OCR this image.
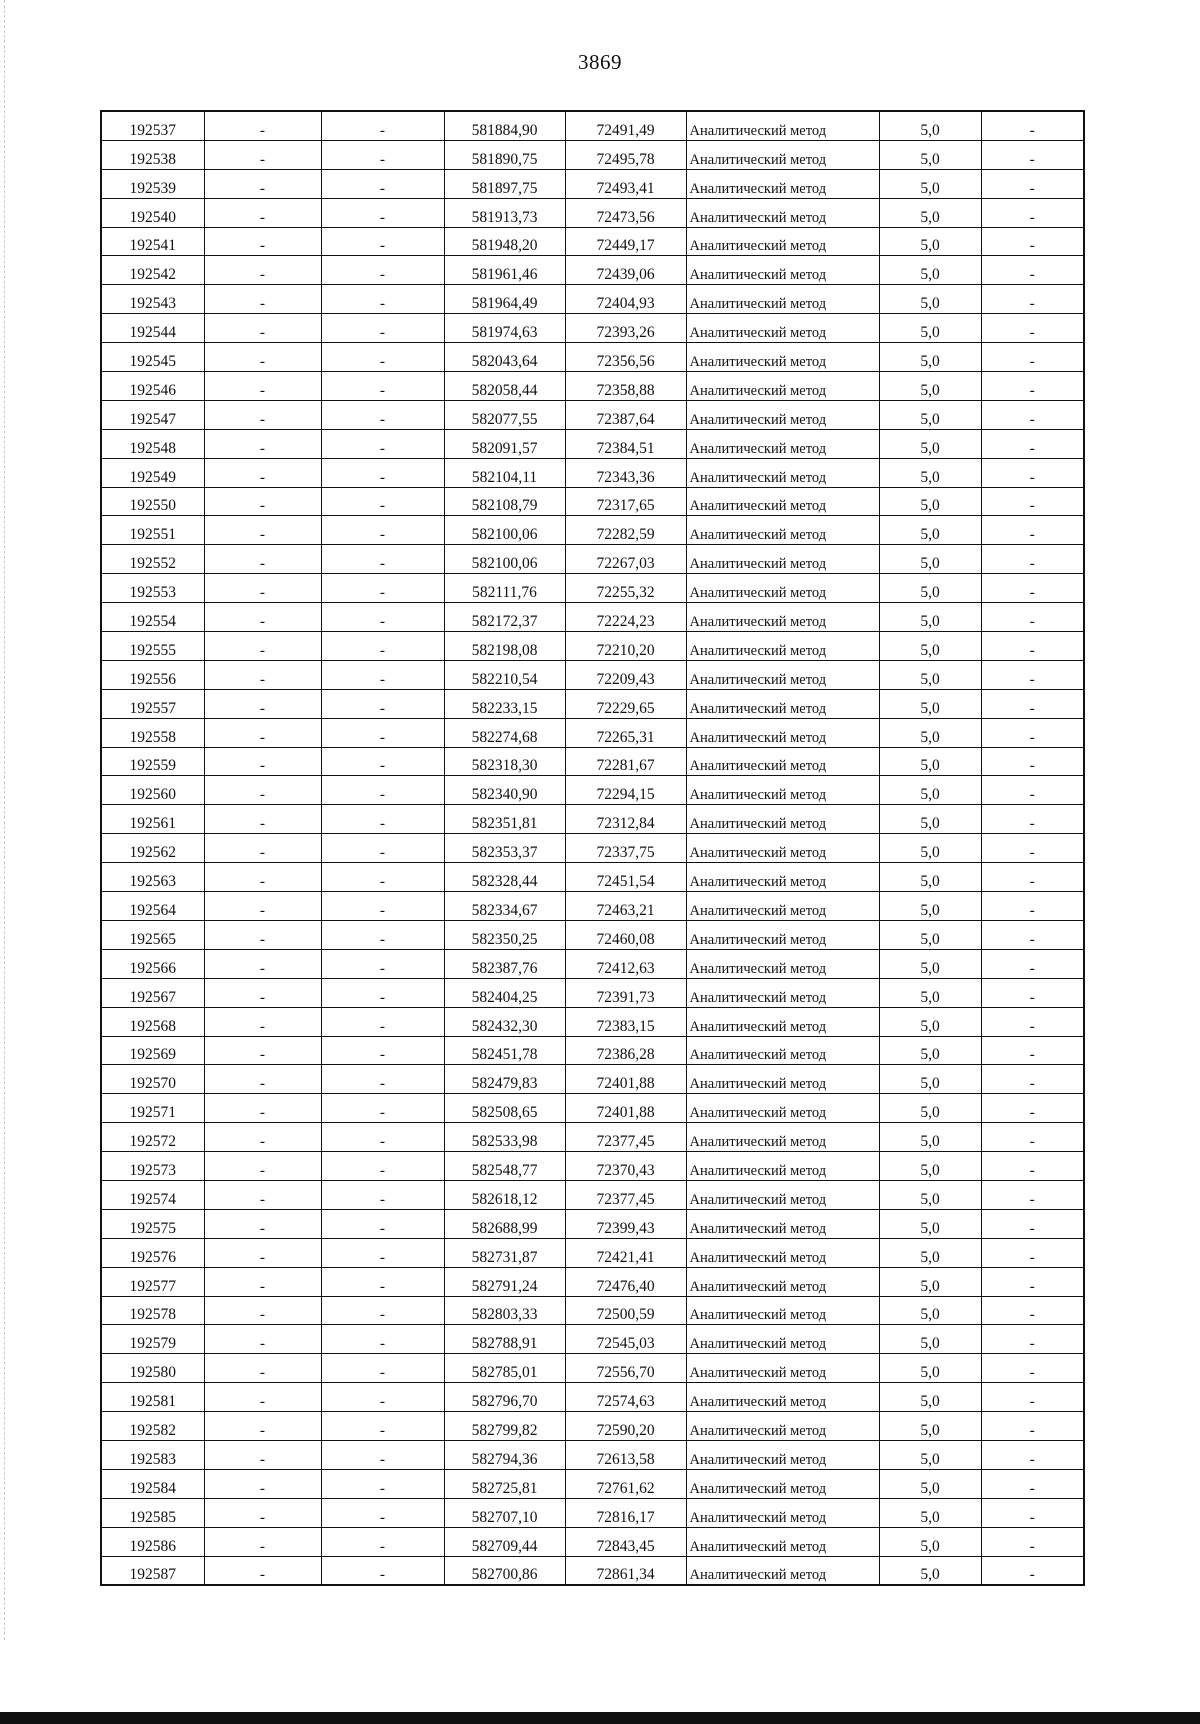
3869
192537	-	-	581884,90	72491,49	Аналитический метод	5,0	-
192538	-	-	581890,75	72495,78	Аналитический метод	5,0	-
192539	-	-	581897,75	72493,41	Аналитический метод	5,0	-
192540	-	-	581913,73	72473,56	Аналитический метод	5,0	-
192541	-	-	581948,20	72449,17	Аналитический метод	5,0	-
192542	-	-	581961,46	72439,06	Аналитический метод	5,0	-
192543	-	-	581964,49	72404,93	Аналитический метод	5,0	-
192544	-	-	581974,63	72393,26	Аналитический метод	5,0	-
192545	-	-	582043,64	72356,56	Аналитический метод	5,0	-
192546	-	-	582058,44	72358,88	Аналитический метод	5,0	-
192547	-	-	582077,55	72387,64	Аналитический метод	5,0	-
192548	-	-	582091,57	72384,51	Аналитический метод	5,0	-
192549	-	-	582104,11	72343,36	Аналитический метод	5,0	-
192550	-	-	582108,79	72317,65	Аналитический метод	5,0	-
192551	-	-	582100,06	72282,59	Аналитический метод	5,0	-
192552	-	-	582100,06	72267,03	Аналитический метод	5,0	-
192553	-	-	582111,76	72255,32	Аналитический метод	5,0	-
192554	-	-	582172,37	72224,23	Аналитический метод	5,0	-
192555	-	-	582198,08	72210,20	Аналитический метод	5,0	-
192556	-	-	582210,54	72209,43	Аналитический метод	5,0	-
192557	-	-	582233,15	72229,65	Аналитический метод	5,0	-
192558	-	-	582274,68	72265,31	Аналитический метод	5,0	-
192559	-	-	582318,30	72281,67	Аналитический метод	5,0	-
192560	-	-	582340,90	72294,15	Аналитический метод	5,0	-
192561	-	-	582351,81	72312,84	Аналитический метод	5,0	-
192562	-	-	582353,37	72337,75	Аналитический метод	5,0	-
192563	-	-	582328,44	72451,54	Аналитический метод	5,0	-
192564	-	-	582334,67	72463,21	Аналитический метод	5,0	-
192565	-	-	582350,25	72460,08	Аналитический метод	5,0	-
192566	-	-	582387,76	72412,63	Аналитический метод	5,0	-
192567	-	-	582404,25	72391,73	Аналитический метод	5,0	-
192568	-	-	582432,30	72383,15	Аналитический метод	5,0	-
192569	-	-	582451,78	72386,28	Аналитический метод	5,0	-
192570	-	-	582479,83	72401,88	Аналитический метод	5,0	-
192571	-	-	582508,65	72401,88	Аналитический метод	5,0	-
192572	-	-	582533,98	72377,45	Аналитический метод	5,0	-
192573	-	-	582548,77	72370,43	Аналитический метод	5,0	-
192574	-	-	582618,12	72377,45	Аналитический метод	5,0	-
192575	-	-	582688,99	72399,43	Аналитический метод	5,0	-
192576	-	-	582731,87	72421,41	Аналитический метод	5,0	-
192577	-	-	582791,24	72476,40	Аналитический метод	5,0	-
192578	-	-	582803,33	72500,59	Аналитический метод	5,0	-
192579	-	-	582788,91	72545,03	Аналитический метод	5,0	-
192580	-	-	582785,01	72556,70	Аналитический метод	5,0	-
192581	-	-	582796,70	72574,63	Аналитический метод	5,0	-
192582	-	-	582799,82	72590,20	Аналитический метод	5,0	-
192583	-	-	582794,36	72613,58	Аналитический метод	5,0	-
192584	-	-	582725,81	72761,62	Аналитический метод	5,0	-
192585	-	-	582707,10	72816,17	Аналитический метод	5,0	-
192586	-	-	582709,44	72843,45	Аналитический метод	5,0	-
192587	-	-	582700,86	72861,34	Аналитический метод	5,0	-
